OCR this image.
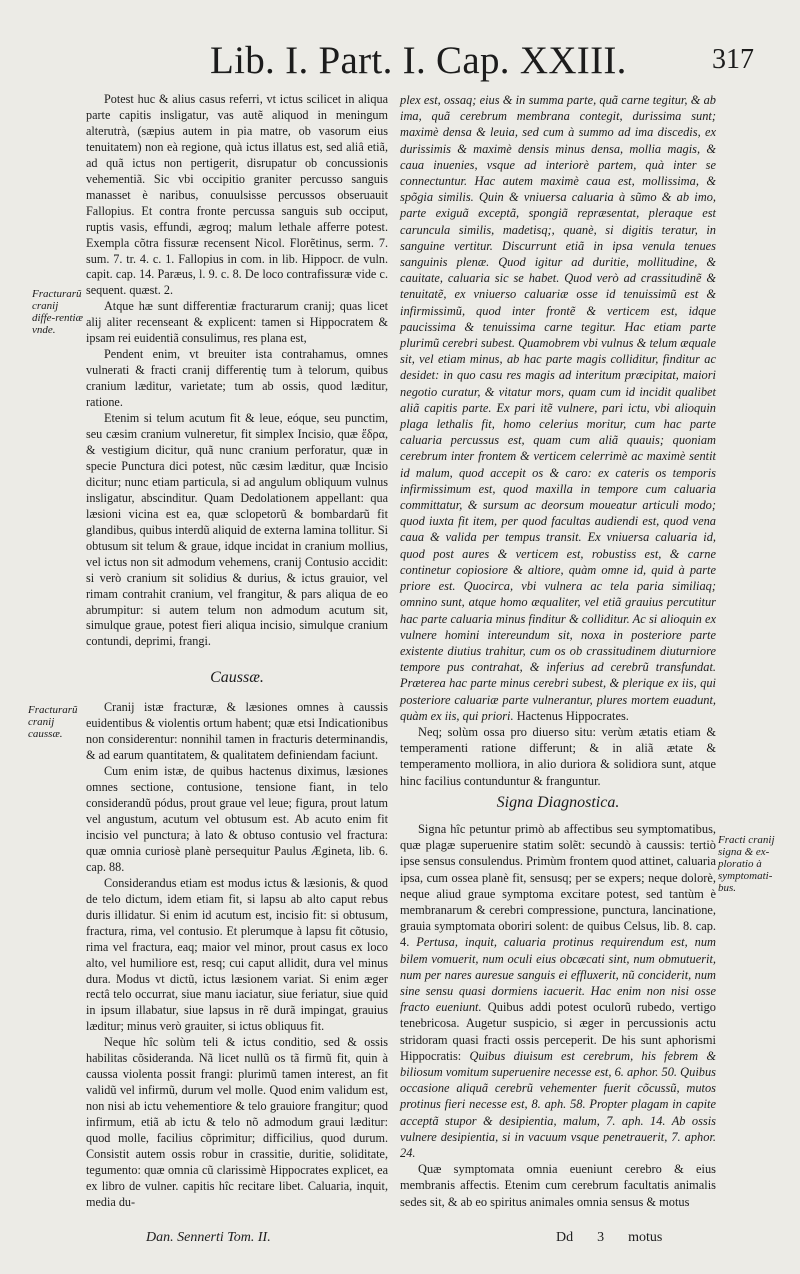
Lib. I. Part. I. Cap. XXIII.	317
Fracturarũ cranij diffe-rentiæ vnde.
Fracturarũ cranij caussæ.
Fracti cranij signa & ex-ploratio à symptomati-bus.

Potest huc & alius casus referri, vt ictus scilicet in aliqua parte capitis insligatur, vas autẽ aliquod in meningum alterutrà, (sæpius autem in pia matre, ob vasorum eius tenuitatem) non eà regione, quà ictus illatus est, sed aliâ etiã, ad quã ictus non pertigerit, disrupatur ob concussionis vehementiã. Sic vbi occipitio graniter percusso sanguis manasset è naribus, conuulsisse percussos obseruauit Fallopius. Et contra fronte percussa sanguis sub occiput, ruptis vasis, effundi, ægroq; malum lethale afferre potest. Exempla cõtra fissuræ recensent Nicol. Florẽtinus, serm. 7. sum. 7. tr. 4. c. 1. Fallopius in com. in lib. Hippocr. de vuln. capit. cap. 14. Paræus, l. 9. c. 8. De loco contrafissuræ vide c. sequent. quæst. 2.

Atque hæ sunt differentiæ fracturarum cranij; quas licet alij aliter recenseant & explicent: tamen si Hippocratem & ipsam rei euidentiã consulimus, res plana est,

Pendent enim, vt breuiter ista contrahamus, omnes vulnerati & fracti cranij differentię tum à telorum, quibus cranium læditur, varietate; tum ab ossis, quod læditur, ratione.

Etenim si telum acutum fit & leue, eóque, seu punctim, seu cæsim cranium vulneretur, fit simplex Incisio, quæ ἕδρα, & vestigium dicitur, quã nunc cranium perforatur, quæ in specie Punctura dici potest, nũc cæsim læditur, quæ Incisio dicitur; nunc etiam particula, si ad angulum obliquum vulnus insligatur, abscinditur. Quam Dedolationem appellant: qua læsioni vicina est ea, quæ sclopetorũ & bombardarũ fit glandibus, quibus interdũ aliquid de externa lamina tollitur. Si obtusum sit telum & graue, idque incidat in cranium mollius, vel ictus non sit admodum vehemens, cranij Contusio accidit: si verò cranium sit solidius & durius, & ictus grauior, vel rimam contrahit cranium, vel frangitur, & pars aliqua de eo abrumpitur: si autem telum non admodum acutum sit, simulque graue, potest fieri aliqua incisio, simulque cranium contundi, deprimi, frangi.

Caussæ.

Cranij istæ fracturæ, & læsiones omnes à caussis euidentibus & violentis ortum habent; quæ etsi Indicationibus non considerentur: nonnihil tamen in fracturis determinandis, & ad earum quantitatem, & qualitatem definiendam faciunt.

Cum enim istæ, de quibus hactenus diximus, læsiones omnes sectione, contusione, tensione fiant, in telo considerandũ pódus, prout graue vel leue; figura, prout latum vel angustum, acutum vel obtusum est. Ab acuto enim fit incisio vel punctura; à lato & obtuso contusio vel fractura: quæ omnia curiosè planè persequitur Paulus Ægineta, lib. 6. cap. 88.

Considerandus etiam est modus ictus & læsionis, & quod de telo dictum, idem etiam fit, si lapsu ab alto caput rebus duris illidatur. Si enim id acutum est, incisio fit: si obtusum, fractura, rima, vel contusio. Et plerumque à lapsu fit cõtusio, rima vel fractura, eaq; maior vel minor, prout casus ex loco alto, vel humiliore est, resq; cui caput allidit, dura vel minus dura. Modus vt dictũ, ictus læsionem variat. Si enim æger rectâ telo occurrat, siue manu iaciatur, siue feriatur, siue quid in ipsum illabatur, siue lapsus in rẽ durã impingat, grauius læditur; minus verò grauiter, si ictus obliquus fit.

Neque hîc solùm teli & ictus conditio, sed & ossis habilitas cõsideranda. Nã licet nullũ os tã firmũ fit, quin à caussa violenta possit frangi: plurimũ tamen interest, an fit validũ vel infirmũ, durum vel molle. Quod enim validum est, non nisi ab ictu vehementiore & telo grauiore frangitur; quod infirmum, etiã ab ictu & telo nõ admodum graui læditur: quod molle, facilius cõprimitur; difficilius, quod durum. Consistit autem ossis robur in crassitie, duritie, soliditate, tegumento: quæ omnia cũ clarissimè Hippocrates explicet, ea ex libro de vulner. capitis hîc recitare libet. Caluaria, inquit, media du-

plex est, ossaq; eius & in summa parte, quã carne tegitur, & ab ima, quã cerebrum membrana contegit, durissima sunt; maximè densa & leuia, sed cum à summo ad ima discedis, ex durissimis & maximè densis minus densa, mollia magis, & caua inuenies, vsque ad interiorè partem, quà inter se connectuntur. Hac autem maximè caua est, mollissima, & spõgia similis. Quin & vniuersa caluaria à sũmo & ab imo, parte exiguã exceptã, spongiã repræsentat, pleraque est caruncula similis, madetisq;, quanè, si digitis teratur, in sanguine vertitur. Discurrunt etiã in ipsa venula tenues sanguinis plenæ. Quod igitur ad duritie, mollitudine, & cauitate, caluaria sic se habet. Quod verò ad crassitudinẽ & tenuitatẽ, ex vniuerso caluariæ osse id tenuissimũ est & infirmissimũ, quod inter frontẽ & verticem est, idque paucissima & tenuissima carne tegitur. Hac etiam parte plurimũ cerebri subest. Quamobrem vbi vulnus & telum æquale sit, vel etiam minus, ab hac parte magis colliditur, finditur ac desidet: in quo casu res magis ad interitum præcipitat, maiori negotio curatur, & vitatur mors, quam cum id incidit qualibet aliã capitis parte. Ex pari itẽ vulnere, pari ictu, vbi alioquin plaga lethalis fit, homo celerius moritur, cum hac parte caluaria percussus est, quam cum aliã quauis; quoniam cerebrum inter frontem & verticem celerrimè ac maximè sentit id malum, quod accepit os & caro: ex cateris os temporis infirmissimum est, quod maxilla in tempore cum caluaria committatur, & sursum ac deorsum moueatur articuli modo; quod iuxta fit item, per quod facultas audiendi est, quod vena caua & valida per tempus transit. Ex vniuersa caluaria id, quod post aures & verticem est, robustiss est, & carne continetur copiosiore & altiore, quàm omne id, quid à parte priore est. Quocirca, vbi vulnera ac tela paria similiaq; omnino sunt, atque homo æqualiter, vel etiã grauius percutitur hac parte caluaria minus finditur & colliditur. Ac si alioquin ex vulnere homini intereundum sit, noxa in posteriore parte existente diutius trahitur, cum os ob crassitudinem diuturniore tempore pus contrahat, & inferius ad cerebrũ transfundat. Præterea hac parte minus cerebri subest, & plerique ex iis, qui posteriore caluariæ parte vulnerantur, plures mortem euadunt, quàm ex iis, qui priori. Hactenus Hippocrates.

Neq; solùm ossa pro diuerso situ: verùm ætatis etiam & temperamenti ratione differunt; & in aliã ætate & temperamento molliora, in alio duriora & solidiora sunt, atque hinc facilius contunduntur & franguntur.

Signa Diagnostica.

Signa hîc petuntur primò ab affectibus seu symptomatibus, quæ plagæ superuenire statim solẽt: secundò à caussis: tertiò ipse sensus consulendus. Primùm frontem quod attinet, caluaria ipsa, cum ossea planè fit, sensusq; per se expers; neque dolorè, neque aliud graue symptoma excitare potest, sed tantùm è membranarum & cerebri compressione, punctura, lancinatione, grauia symptomata oboriri solent: de quibus Celsus, lib. 8. cap. 4. Pertusa, inquit, caluaria protinus requirendum est, num bilem vomuerit, num oculi eius obcæcati sint, num obmutuerit, num per nares auresue sanguis ei effluxerit, nũ conciderit, num sine sensu quasi dormiens iacuerit. Hac enim non nisi osse fracto eueniunt. Quibus addi potest oculorũ rubedo, vertigo tenebricosa. Augetur suspicio, si æger in percussionis actu stridoram quasi fracti ossis perceperit. De his sunt aphorismi Hippocratis: Quibus diuisum est cerebrum, his febrem & biliosum vomitum superuenire necesse est, 6. aphor. 50. Quibus occasione aliquã cerebrũ vehementer fuerit cõcussũ, mutos protinus fieri necesse est, 8. aph. 58. Propter plagam in capite acceptã stupor & desipientia, malum, 7. aph. 14. Ab ossis vulnere desipientia, si in vacuum vsque penetrauerit, 7. aphor. 24.

Quæ symptomata omnia eueniunt cerebro & eius membranis affectis. Etenim cum cerebrum facultatis animalis sedes sit, & ab eo spiritus animales omnia sensus & motus

Dan. Sennerti Tom. II.	Dd 3 motus
